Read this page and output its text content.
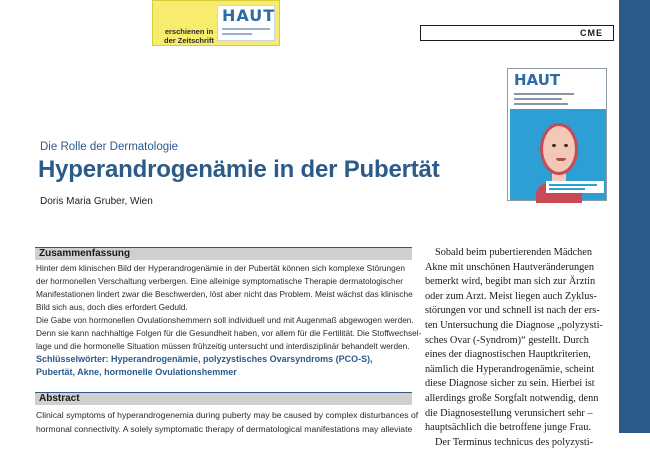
erschienen in
der Zeitschrift
HAUT
CME
HAUT
Die Rolle der Dermatologie
Hyperandrogenämie in der Pubertät
Doris Maria Gruber, Wien
Zusammenfassung

Hinter dem klinischen Bild der Hyperandrogenämie in der Pubertät können sich komplexe Störungen

der hormonellen Verschaltung verbergen. Eine alleinige symptomatische Therapie dermatologischer

Manifestationen lindert zwar die Beschwerden, löst aber nicht das Problem. Meist wächst das klinische

Bild sich aus, doch dies erfordert Geduld.

Die Gabe von hormonellen Ovulationshemmern soll individuell und mit Augenmaß abgewogen werden.

Denn sie kann nachhaltige Folgen für die Gesundheit haben, vor allem für die Fertilität. Die Stoffwechsel-

lage und die hormonelle Situation müssen frühzeitig untersucht und interdisziplinär behandelt werden.

Schlüsselwörter: Hyperandrogenämie, polyzystisches Ovarsyndroms (PCO-S),

Pubertät, Akne, hormonelle Ovulationshemmer

Abstract

Clinical symptoms of hyperandrogenemia during puberty may be caused by complex disturbances of

hormonal connectivity. A solely symptomatic therapy of dermatological manifestations may alleviate

Sobald beim pubertierenden Mädchen

Akne mit unschönen Hautveränderungen

bemerkt wird, begibt man sich zur Ärztin

oder zum Arzt. Meist liegen auch Zyklus-

störungen vor und schnell ist nach der ers-

ten Untersuchung die Diagnose „polyzysti-

sches Ovar (-Syndrom)“ gestellt. Durch

eines der diagnostischen Hauptkriterien,

nämlich die Hyperandrogenämie, scheint

diese Diagnose sicher zu sein. Hierbei ist

allerdings große Sorgfalt notwendig, denn

die Diagnosestellung verunsichert sehr –

hauptsächlich die betroffene junge Frau.

Der Terminus technicus des polyzysti-
